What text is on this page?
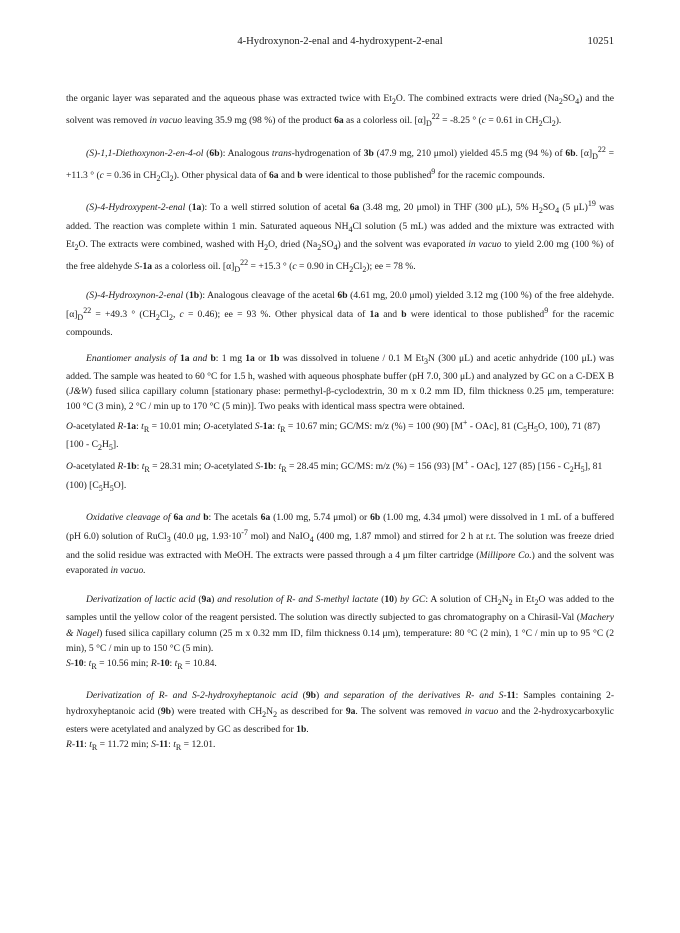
4-Hydroxynon-2-enal and 4-hydroxypent-2-enal	10251

the organic layer was separated and the aqueous phase was extracted twice with $Et_2O$. The combined extracts were dried $(Na_2SO_4)$ and the solvent was removed in vacuo leaving 35.9 mg (98 %) of the product 6a as a colorless oil. $[\alpha]_D^{22} = -8.25$ ° (c = 0.61 in $CH_2Cl_2$).

(S)-1,1-Diethoxynon-2-en-4-ol (6b): Analogous trans-hydrogenation of 3b (47.9 mg, 210 μmol) yielded 45.5 mg (94 %) of 6b. $[\alpha]_D^{22} = +11.3$ ° (c = 0.36 in $CH_2Cl_2$). Other physical data of 6a and b were identical to those published$^9$ for the racemic compounds.

(S)-4-Hydroxypent-2-enal (1a): To a well stirred solution of acetal 6a (3.48 mg, 20 μmol) in THF (300 μL), 5% $H_2SO_4$ (5 μL)$^{19}$ was added. The reaction was complete within 1 min. Saturated aqueous $NH_4Cl$ solution (5 mL) was added and the mixture was extracted with $Et_2O$. The extracts were combined, washed with $H_2O$, dried $(Na_2SO_4)$ and the solvent was evaporated in vacuo to yield 2.00 mg (100 %) of the free aldehyde S-1a as a colorless oil. $[\alpha]_D^{22} = +15.3$ ° (c = 0.90 in $CH_2Cl_2$); ee = 78 %.

(S)-4-Hydroxynon-2-enal (1b): Analogous cleavage of the acetal 6b (4.61 mg, 20.0 μmol) yielded 3.12 mg (100 %) of the free aldehyde. $[\alpha]_D^{22} = +49.3$ ° ($CH_2Cl_2$, c = 0.46); ee = 93 %. Other physical data of 1a and b were identical to those published$^9$ for the racemic compounds.

Enantiomer analysis of 1a and b: 1 mg 1a or 1b was dissolved in toluene / 0.1 M $Et_3N$ (300 μL) and acetic anhydride (100 μL) was added. The sample was heated to 60 °C for 1.5 h, washed with aqueous phosphate buffer (pH 7.0, 300 μL) and analyzed by GC on a C-DEX B (J&W) fused silica capillary column [stationary phase: permethyl-β-cyclodextrin, 30 m x 0.2 mm ID, film thickness 0.25 μm, temperature: 100 °C (3 min), 2 °C / min up to 170 °C (5 min)]. Two peaks with identical mass spectra were obtained.

O-acetylated R-1a: $t_R = 10.01$ min; O-acetylated S-1a: $t_R = 10.67$ min; GC/MS: m/z (%) = 100 (90) [M+ - OAc], 81 ($C_5H_5O$, 100), 71 (87) $[100 - C_2H_5]$.

O-acetylated R-1b: $t_R = 28.31$ min; O-acetylated S-1b: $t_R = 28.45$ min; GC/MS: m/z (%) = 156 (93) [M+ - OAc], 127 (85) $[156 - C_2H_5]$, 81 (100) $[C_5H_5O]$.

Oxidative cleavage of 6a and b: The acetals 6a (1.00 mg, 5.74 μmol) or 6b (1.00 mg, 4.34 μmol) were dissolved in 1 mL of a buffered (pH 6.0) solution of RuCl$_3$ (40.0 μg, $1.93\cdot 10^{-7}$ mol) and NaIO$_4$ (400 mg, 1.87 mmol) and stirred for 2 h at r.t. The solution was freeze dried and the solid residue was extracted with MeOH. The extracts were passed through a 4 μm filter cartridge (Millipore Co.) and the solvent was evaporated in vacuo.

Derivatization of lactic acid (9a) and resolution of R- and S-methyl lactate (10) by GC: A solution of $CH_2N_2$ in $Et_2O$ was added to the samples until the yellow color of the reagent persisted. The solution was directly subjected to gas chromatography on a Chirasil-Val (Machery & Nagel) fused silica capillary column (25 m x 0.32 mm ID, film thickness 0.14 μm), temperature: 80 °C (2 min), 1 °C / min up to 95 °C (2 min), 5 °C / min up to 150 °C (5 min).

S-10: $t_R = 10.56$ min; R-10: $t_R = 10.84$.

Derivatization of R- and S-2-hydroxyheptanoic acid (9b) and separation of the derivatives R- and S-11: Samples containing 2-hydroxyheptanoic acid (9b) were treated with $CH_2N_2$ as described for 9a. The solvent was removed in vacuo and the 2-hydroxycarboxylic esters were acetylated and analyzed by GC as described for 1b.

R-11: $t_R = 11.72$ min; S-11: $t_R = 12.01$.
